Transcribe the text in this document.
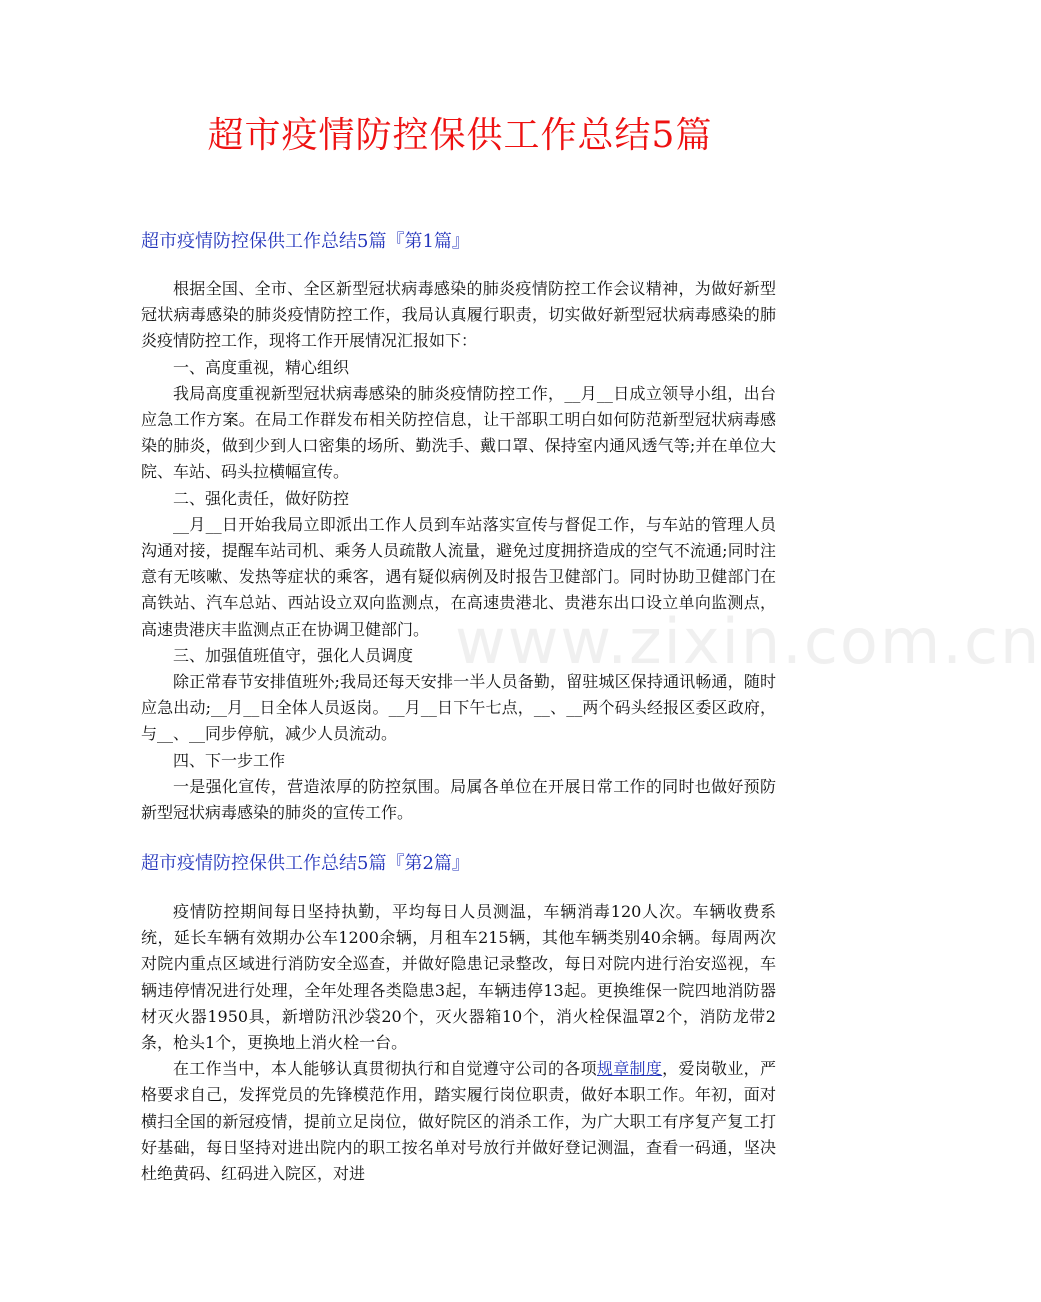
超市疫情防控保供工作总结5篇
超市疫情防控保供工作总结5篇『第1篇』

根据全国、全市、全区新型冠状病毒感染的肺炎疫情防控工作会议精神，为做好新型冠状病毒感染的肺炎疫情防控工作，我局认真履行职责，切实做好新型冠状病毒感染的肺炎疫情防控工作，现将工作开展情况汇报如下：

一、高度重视，精心组织

我局高度重视新型冠状病毒感染的肺炎疫情防控工作，__月__日成立领导小组，出台应急工作方案。在局工作群发布相关防控信息，让干部职工明白如何防范新型冠状病毒感染的肺炎，做到少到人口密集的场所、勤洗手、戴口罩、保持室内通风透气等;并在单位大院、车站、码头拉横幅宣传。

二、强化责任，做好防控

__月__日开始我局立即派出工作人员到车站落实宣传与督促工作，与车站的管理人员沟通对接，提醒车站司机、乘务人员疏散人流量，避免过度拥挤造成的空气不流通;同时注意有无咳嗽、发热等症状的乘客，遇有疑似病例及时报告卫健部门。同时协助卫健部门在高铁站、汽车总站、西站设立双向监测点，在高速贵港北、贵港东出口设立单向监测点，高速贵港庆丰监测点正在协调卫健部门。

三、加强值班值守，强化人员调度

除正常春节安排值班外;我局还每天安排一半人员备勤，留驻城区保持通讯畅通，随时应急出动;__月__日全体人员返岗。__月__日下午七点，__、__两个码头经报区委区政府，与__、__同步停航，减少人员流动。

四、下一步工作

一是强化宣传，营造浓厚的防控氛围。局属各单位在开展日常工作的同时也做好预防新型冠状病毒感染的肺炎的宣传工作。

超市疫情防控保供工作总结5篇『第2篇』

疫情防控期间每日坚持执勤，平均每日人员测温，车辆消毒120人次。车辆收费系统，延长车辆有效期办公车1200余辆，月租车215辆，其他车辆类别40余辆。每周两次对院内重点区域进行消防安全巡查，并做好隐患记录整改，每日对院内进行治安巡视，车辆违停情况进行处理，全年处理各类隐患3起，车辆违停13起。更换维保一院四地消防器材灭火器1950具，新增防汛沙袋20个，灭火器箱10个，消火栓保温罩2个，消防龙带2条，枪头1个，更换地上消火栓一台。

在工作当中，本人能够认真贯彻执行和自觉遵守公司的各项规章制度，爱岗敬业，严格要求自己，发挥党员的先锋模范作用，踏实履行岗位职责，做好本职工作。年初，面对横扫全国的新冠疫情，提前立足岗位，做好院区的消杀工作，为广大职工有序复产复工打好基础，每日坚持对进出院内的职工按名单对号放行并做好登记测温，查看一码通，坚决杜绝黄码、红码进入院区，对进

www.zixin.com.cn
